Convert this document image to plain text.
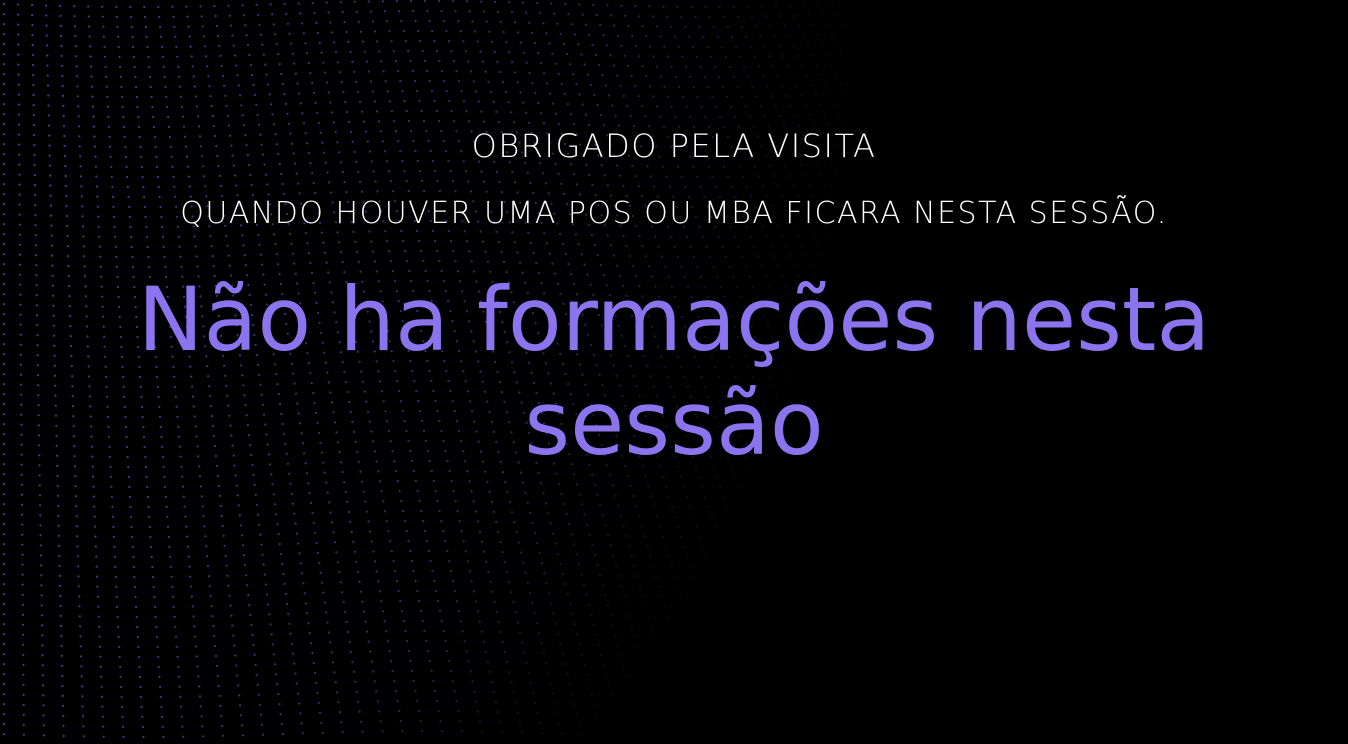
OBRIGADO PELA VISITA
QUANDO HOUVER UMA POS OU MBA FICARA NESTA SESSÃO.
Não ha formações nesta sessão
